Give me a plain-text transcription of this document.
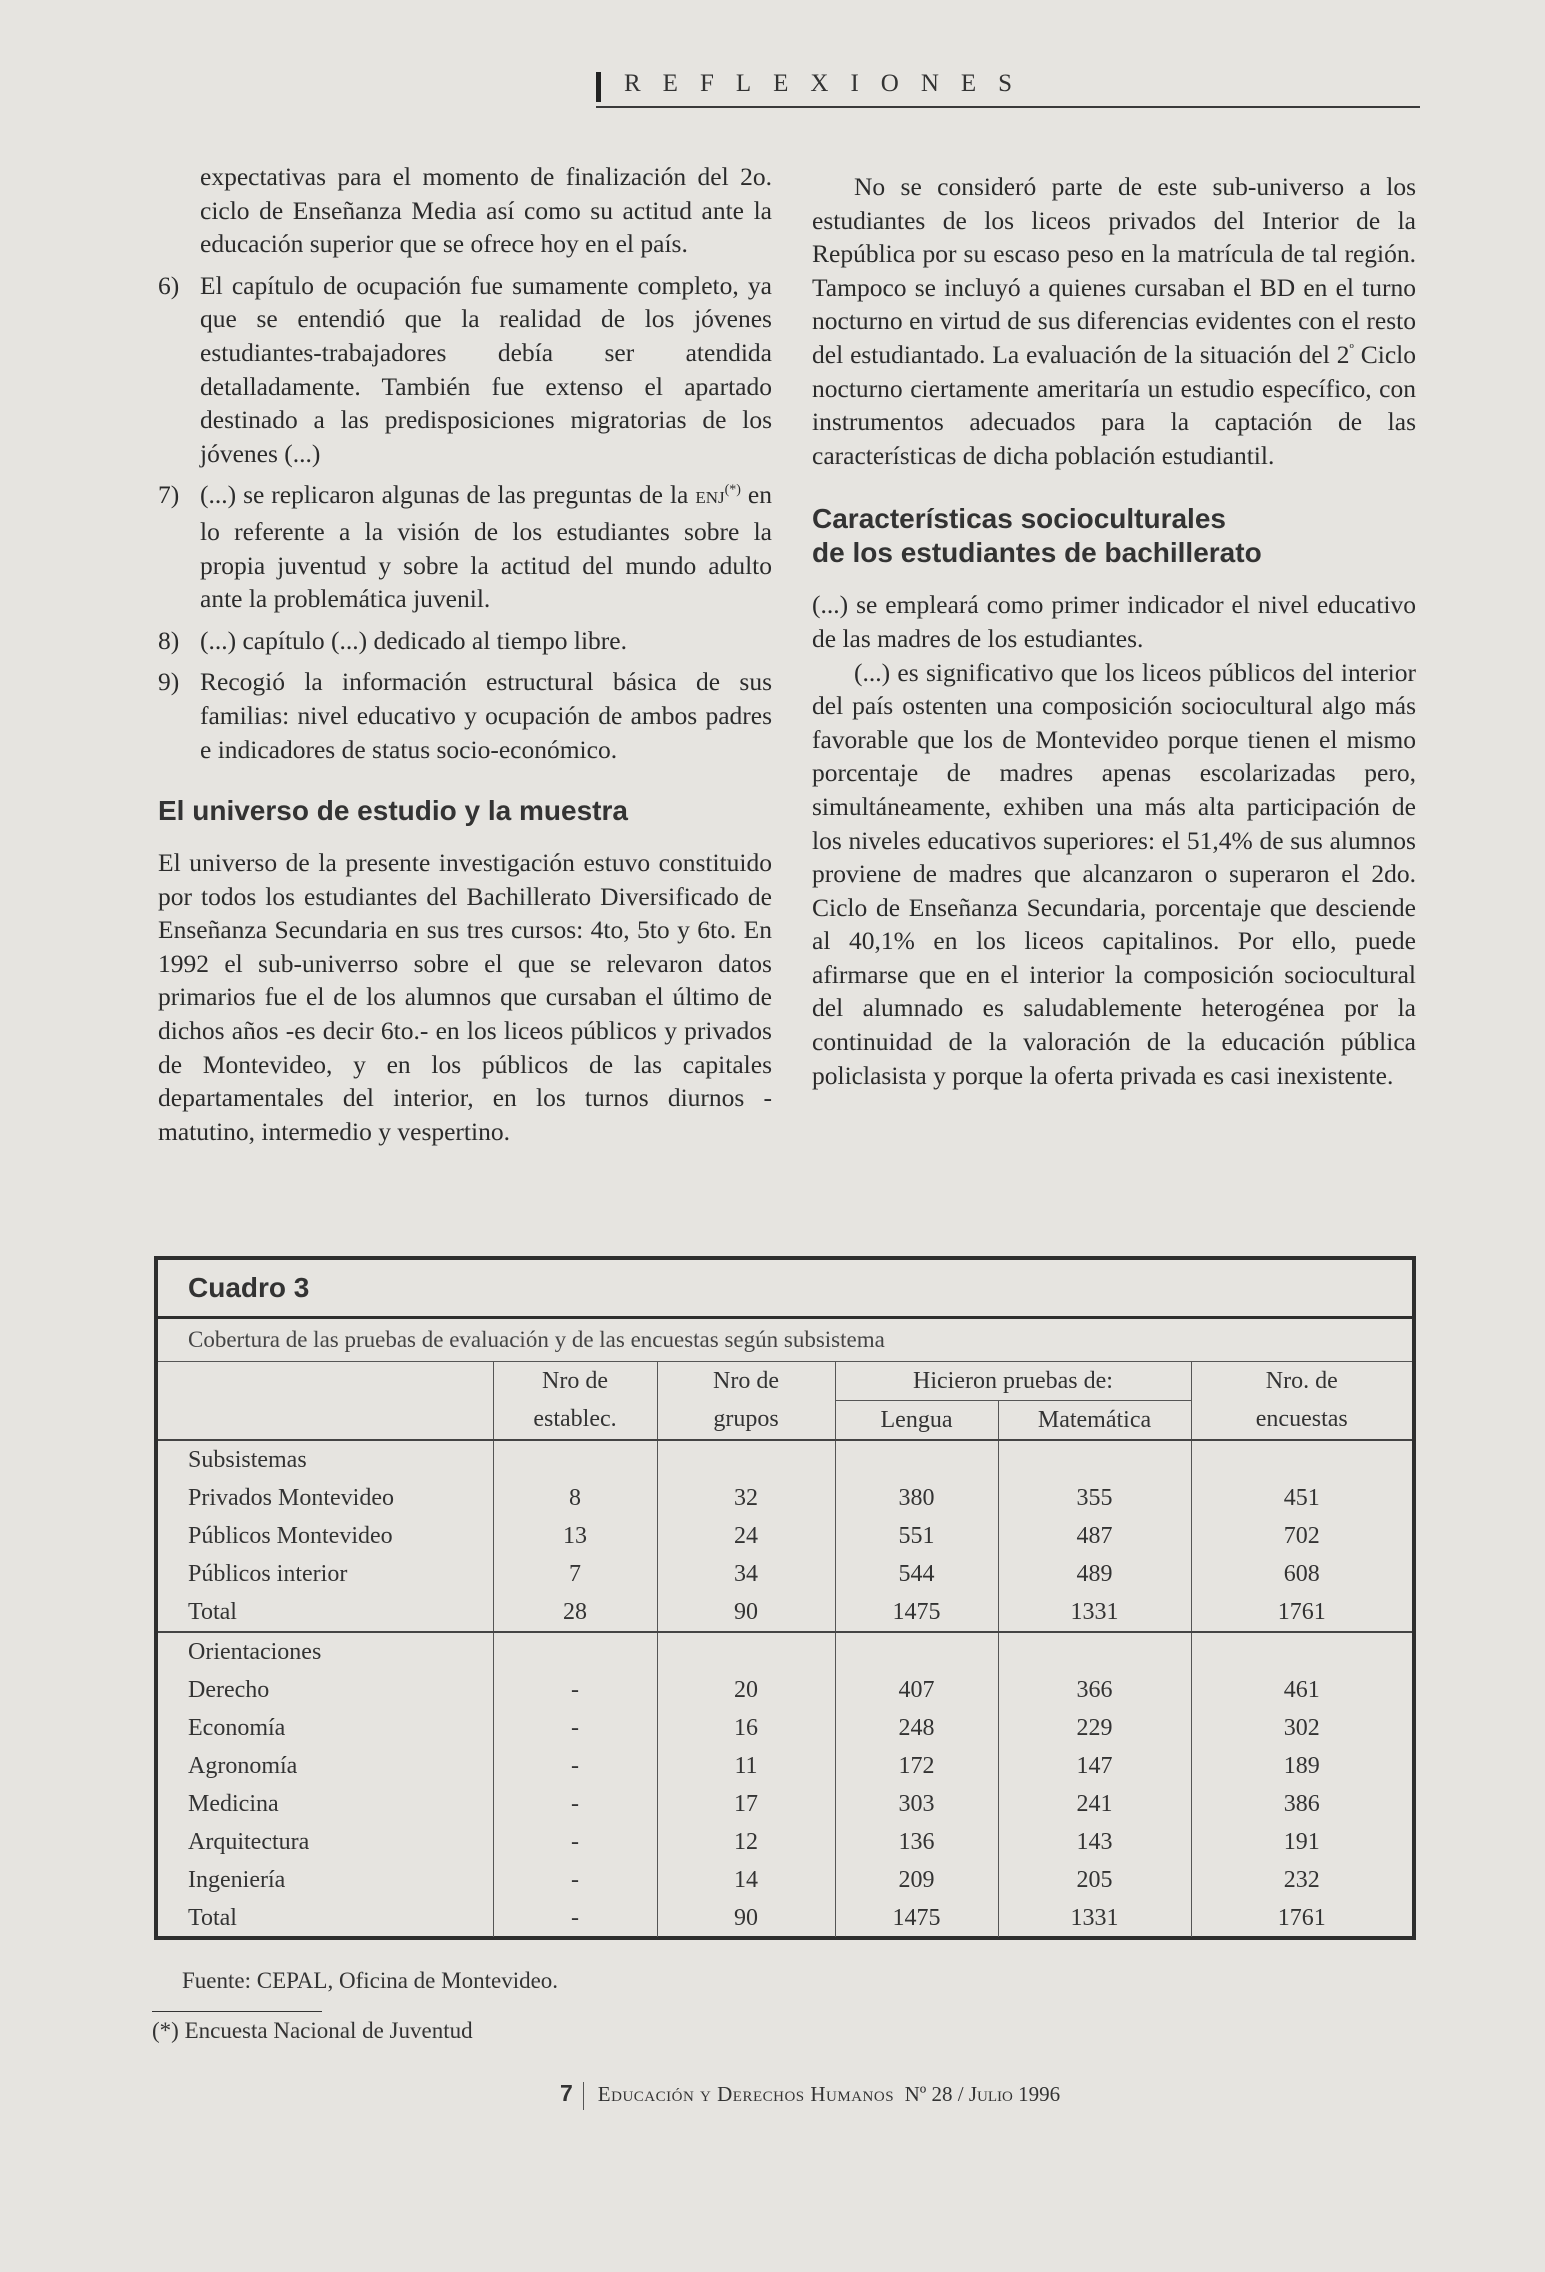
REFLEXIONES

expectativas para el momento de finalización del 2o. ciclo de Enseñanza Media así como su actitud ante la educación superior que se ofrece hoy en el país.

6) El capítulo de ocupación fue sumamente completo, ya que se entendió que la realidad de los jóvenes estudiantes-trabajadores debía ser atendida detalladamente. También fue extenso el apartado destinado a las predisposiciones migratorias de los jóvenes (...)
7) (...) se replicaron algunas de las preguntas de la ENJ(*) en lo referente a la visión de los estudiantes sobre la propia juventud y sobre la actitud del mundo adulto ante la problemática juvenil.
8) (...) capítulo (...) dedicado al tiempo libre.
9) Recogió la información estructural básica de sus familias: nivel educativo y ocupación de ambos padres e indicadores de status socio-económico.
El universo de estudio y la muestra

El universo de la presente investigación estuvo constituido por todos los estudiantes del Bachillerato Diversificado de Enseñanza Secundaria en sus tres cursos: 4to, 5to y 6to. En 1992 el sub-univerrso sobre el que se relevaron datos primarios fue el de los alumnos que cursaban el último de dichos años -es decir 6to.- en los liceos públicos y privados de Montevideo, y en los públicos de las capitales departamentales del interior, en los turnos diurnos -matutino, intermedio y vespertino.

No se consideró parte de este sub-universo a los estudiantes de los liceos privados del Interior de la República por su escaso peso en la matrícula de tal región. Tampoco se incluyó a quienes cursaban el BD en el turno nocturno en virtud de sus diferencias evidentes con el resto del estudiantado. La evaluación de la situación del $2^º$ Ciclo nocturno ciertamente ameritaría un estudio específico, con instrumentos adecuados para la captación de las características de dicha población estudiantil.

Características socioculturales
de los estudiantes de bachillerato

(...) se empleará como primer indicador el nivel educativo de las madres de los estudiantes.

(...) es significativo que los liceos públicos del interior del país ostenten una composición sociocultural algo más favorable que los de Montevideo porque tienen el mismo porcentaje de madres apenas escolarizadas pero, simultáneamente, exhiben una más alta participación de los niveles educativos superiores: el 51,4% de sus alumnos proviene de madres que alcanzaron o superaron el 2do. Ciclo de Enseñanza Secundaria, porcentaje que desciende al 40,1% en los liceos capitalinos. Por ello, puede afirmarse que en el interior la composición sociocultural del alumnado es saludablemente heterogénea por la continuidad de la valoración de la educación pública policlasista y porque la oferta privada es casi inexistente.

Cuadro 3
Cobertura de las pruebas de evaluación y de las encuestas según subsistema
	Nro de	Nro de	Hicieron pruebas de:		Nro. de
	establec.	grupos	Lengua	Matemática	encuestas
Subsistemas					
Privados Montevideo	8	32	380	355	451
Públicos Montevideo	13	24	551	487	702
Públicos interior	7	34	544	489	608
Total	28	90	1475	1331	1761
Orientaciones					
Derecho	-	20	407	366	461
Economía	-	16	248	229	302
Agronomía	-	11	172	147	189
Medicina	-	17	303	241	386
Arquitectura	-	12	136	143	191
Ingeniería	-	14	209	205	232
Total	-	90	1475	1331	1761
Fuente: CEPAL, Oficina de Montevideo.
(*) Encuesta Nacional de Juventud
7 Educación y Derechos Humanos Nº 28 / Julio 1996
